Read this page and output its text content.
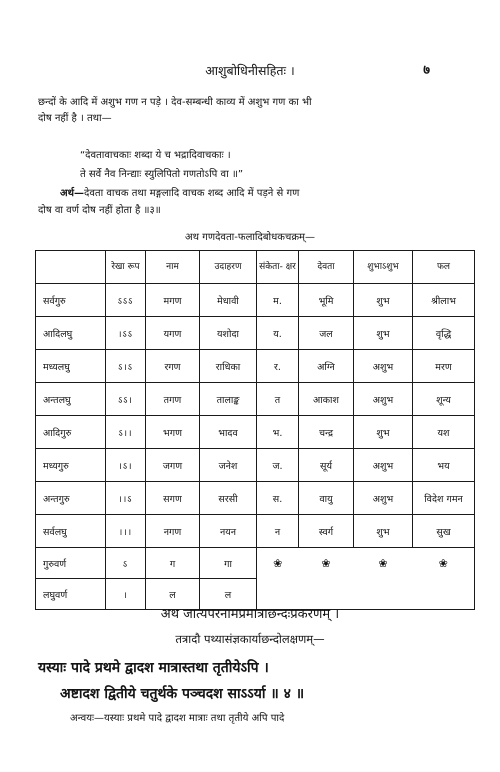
आशुबोधिनीसहितः ।	७
छन्दों के आदि में अशुभ गण न पड़े । देव-सम्बन्धी काव्य में अशुभ गण का भी
दोष नहीं है । तथा—
“देवतावाचकाः शब्दा ये च भद्रादिवाचकाः ।
ते सर्वे नैव निन्द्याः स्युलिपितो गणतोऽपि वा ॥”
अर्थ—देवता वाचक तथा मङ्गलादि वाचक शब्द आदि में पड़ने से गण
दोष वा वर्ण दोष नहीं होता है ॥३॥
अथ गणदेवता-फलादिबोधकचक्रम्—
	रेखा रूप	नाम	उदाहरण	संकेता- क्षर	देवता	शुभाऽशुभ	फल
सर्वगुरु	ऽऽऽ	मगण	मेधावी	म.	भूमि	शुभ	श्रीलाभ
आदिलघु	।ऽऽ	यगण	यशोदा	य.	जल	शुभ	वृद्धि
मध्यलघु	ऽ।ऽ	रगण	राधिका	र.	अग्नि	अशुभ	मरण
अन्तलघु	ऽऽ।	तगण	तालाङ्क	त	आकाश	अशुभ	शून्य
आदिगुरु	ऽ।।	भगण	भादव	भ.	चन्द्र	शुभ	यश
मध्यगुरु	।ऽ।	जगण	जनेश	ज.	सूर्य	अशुभ	भय
अन्तगुरु	।।ऽ	सगण	सरसी	स.	वायु	अशुभ	विदेश गमन
सर्वलघु	।।।	नगण	नयन	न	स्वर्ग	शुभ	सुख
गुरुवर्ण	ऽ	ग	गा	❀	❀	❀	❀
लघुवर्ण	।	ल	ल				
अथ जात्यपरनामप्रमात्राछन्दःप्रकरणम् ।
तत्रादौ पथ्यासंज्ञकार्याछन्दोलक्षणम्—
यस्याः पादे प्रथमे द्वादश मात्रास्तथा तृतीयेऽपि ।
अष्टादश द्वितीये चतुर्थके पञ्चदश साऽऽर्या ॥ ४ ॥
अन्वयः—यस्याः प्रथमे पादे द्वादश मात्राः तथा तृतीये अपि पादे
